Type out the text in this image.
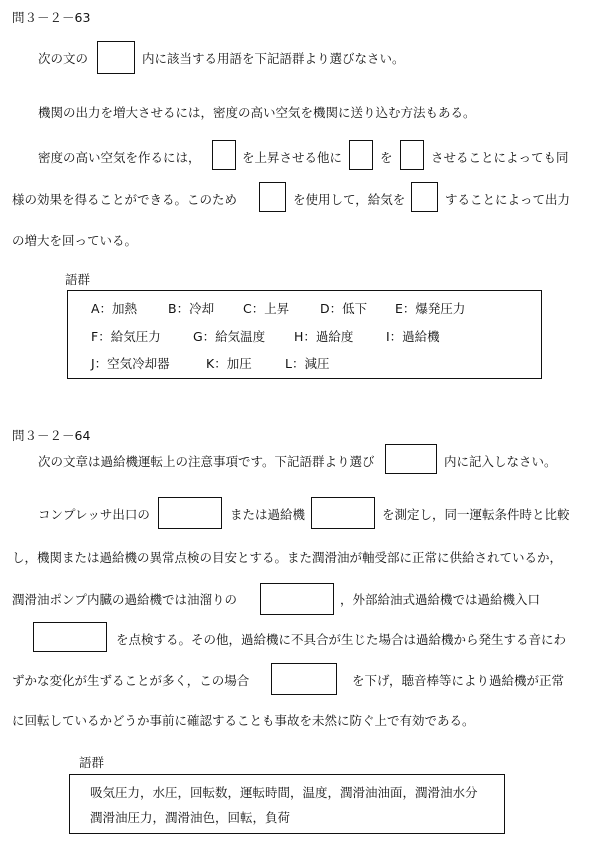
問３－２－63
次の文の	内に該当する用語を下記語群より選びなさい。
機関の出力を増大させるには，密度の高い空気を機関に送り込む方法もある。
密度の高い空気を作るには，	を上昇させる他に	を	させることによっても同
様の効果を得ることができる。このため	を使用して，給気を	することによって出力
の増大を回っている。
語群
A：加熱 B：冷却 C：上昇 D：低下 E：爆発圧力
F：給気圧力	G：給気温度 H：過給度	I：過給機
J：空気冷却器	K：加圧	L：減圧
問３－２－64
次の文章は過給機運転上の注意事項です。下記語群より選び	内に記入しなさい。
コンプレッサ出口の	または過給機	を測定し，同一運転条件時と比較
し，機関または過給機の異常点検の目安とする。また潤滑油が軸受部に正常に供給されているか，
潤滑油ポンプ内臓の過給機では油溜りの	，外部給油式過給機では過給機入口
を点検する。その他，過給機に不具合が生じた場合は過給機から発生する音にわ
ずかな変化が生ずることが多く，この場合	を下げ，聴音棒等により過給機が正常
に回転しているかどうか事前に確認することも事故を未然に防ぐ上で有効である。
語群
吸気圧力，水圧，回転数，運転時間，温度，潤滑油油面，潤滑油水分
潤滑油圧力，潤滑油色，回転，負荷
